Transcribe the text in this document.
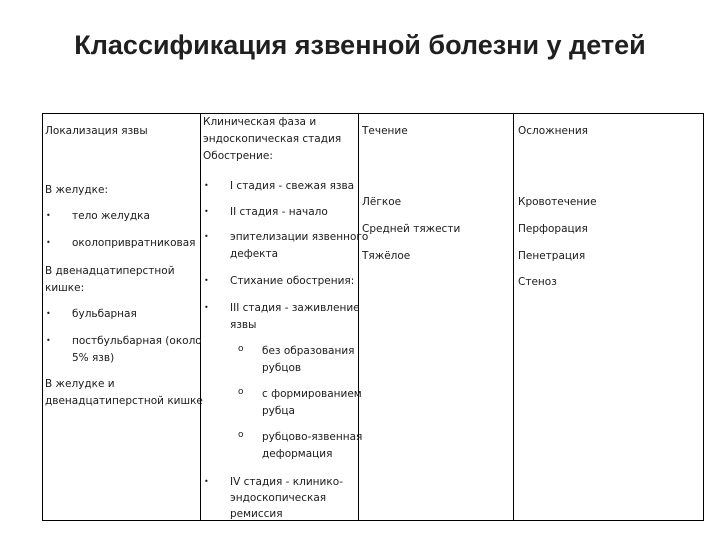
Классификация язвенной болезни у детей
Локализация язвы
Клиническая фаза и
эндоскопическая стадия
Течение	Осложнения
В желудке:
• тело желудка
• околопривратниковая
В двенадцатиперстной
кишке:
• бульбарная
• постбульбарная (около
5% язв)
В желудке и
двенадцатиперстной кишке
Обострение:
• I стадия - свежая язва
• II стадия - начало
• эпителизации язвенного
дефекта
• Стихание обострения:
• III стадия - заживление
язвы
o без образования
рубцов
o с формированием
рубца
o рубцово-язвенная
деформация
• IV стадия - клинико-
эндоскопическая
ремиссия
Лёгкое
Средней тяжести
Тяжёлое
Кровотечение
Перфорация
Пенетрация
Стеноз
